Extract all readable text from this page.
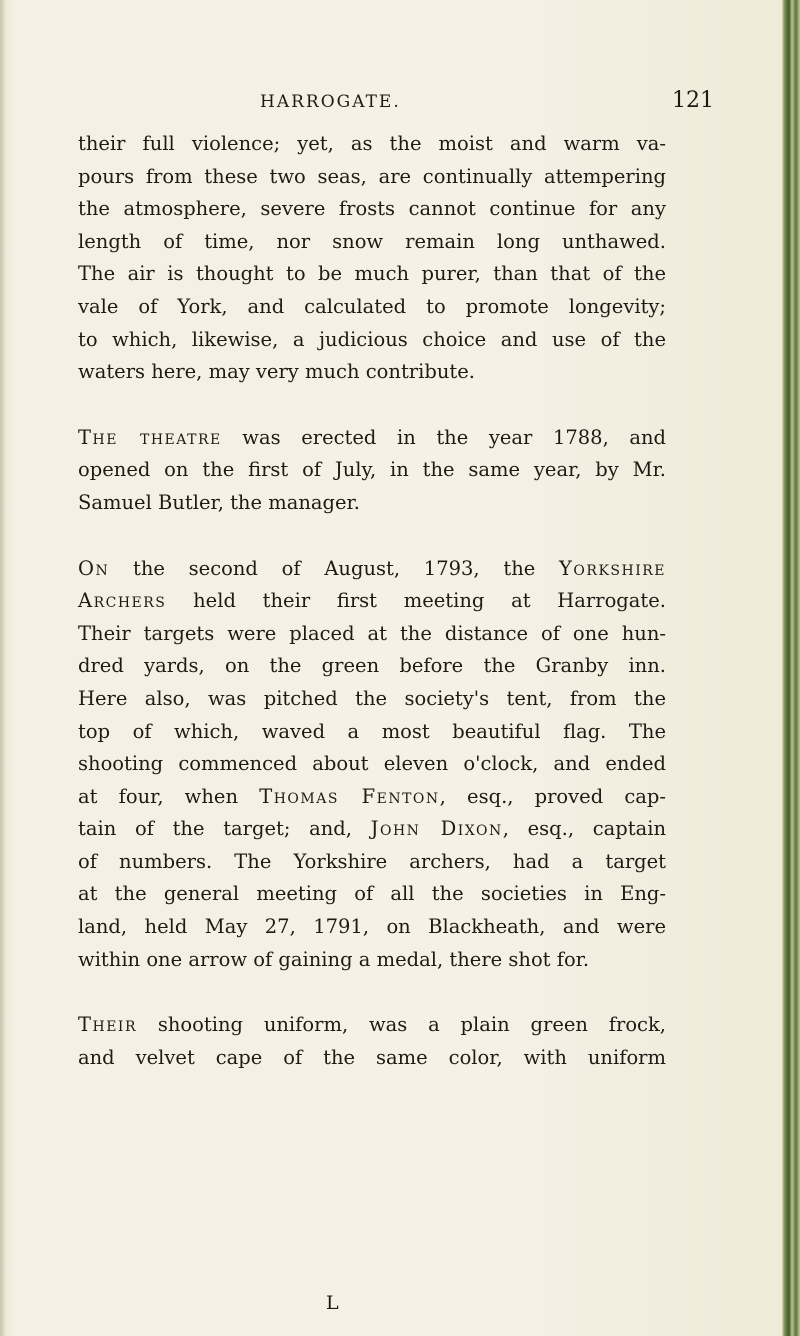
HARROGATE.	121
their full violence; yet, as the moist and warm va-
pours from these two seas, are continually attempering
the atmosphere, severe frosts cannot continue for any
length of time, nor snow remain long unthawed.
The air is thought to be much purer, than that of the
vale of York, and calculated to promote longevity;
to which, likewise, a judicious choice and use of the
waters here, may very much contribute.
The theatre was erected in the year 1788, and
opened on the first of July, in the same year, by Mr.
Samuel Butler, the manager.
On the second of August, 1793, the Yorkshire
Archers held their first meeting at Harrogate.
Their targets were placed at the distance of one hun-
dred yards, on the green before the Granby inn.
Here also, was pitched the society's tent, from the
top of which, waved a most beautiful flag. The
shooting commenced about eleven o'clock, and ended
at four, when Thomas Fenton, esq., proved cap-
tain of the target; and, John Dixon, esq., captain
of numbers. The Yorkshire archers, had a target
at the general meeting of all the societies in Eng-
land, held May 27, 1791, on Blackheath, and were
within one arrow of gaining a medal, there shot for.
Their shooting uniform, was a plain green frock,
and velvet cape of the same color, with uniform
L
